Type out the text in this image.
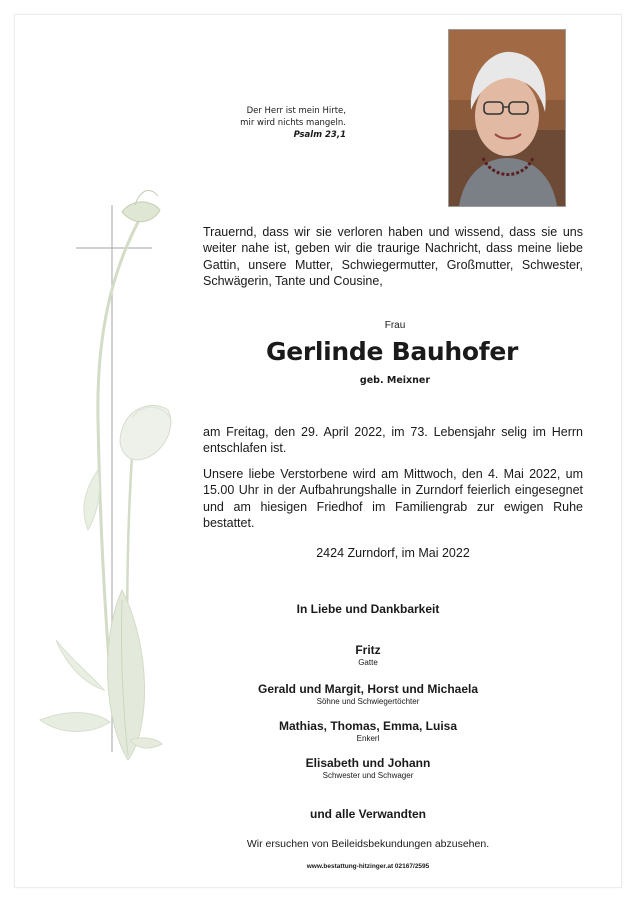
Der Herr ist mein Hirte,
mir wird nichts mangeln.
Psalm 23,1
Trauernd, dass wir sie verloren haben und wissend, dass sie uns weiter nahe ist, geben wir die traurige Nachricht, dass meine liebe Gattin, unsere Mutter, Schwiegermutter, Großmutter, Schwester, Schwägerin, Tante und Cousine,
Frau
Gerlinde Bauhofer
geb. Meixner
am Freitag, den 29. April 2022, im 73. Lebensjahr selig im Herrn entschlafen ist.
Unsere liebe Verstorbene wird am Mittwoch, den 4. Mai 2022, um 15.00 Uhr in der Aufbahrungshalle in Zurndorf feierlich eingesegnet und am hiesigen Friedhof im Familiengrab zur ewigen Ruhe bestattet.
2424 Zurndorf, im Mai 2022
In Liebe und Dankbarkeit
Fritz
Gatte
Gerald und Margit, Horst und Michaela
Söhne und Schwiegertöchter
Mathias, Thomas, Emma, Luisa
Enkerl
Elisabeth und Johann
Schwester und Schwager
und alle Verwandten
Wir ersuchen von Beileidsbekundungen abzusehen.
www.bestattung-hitzinger.at 02167/2595
